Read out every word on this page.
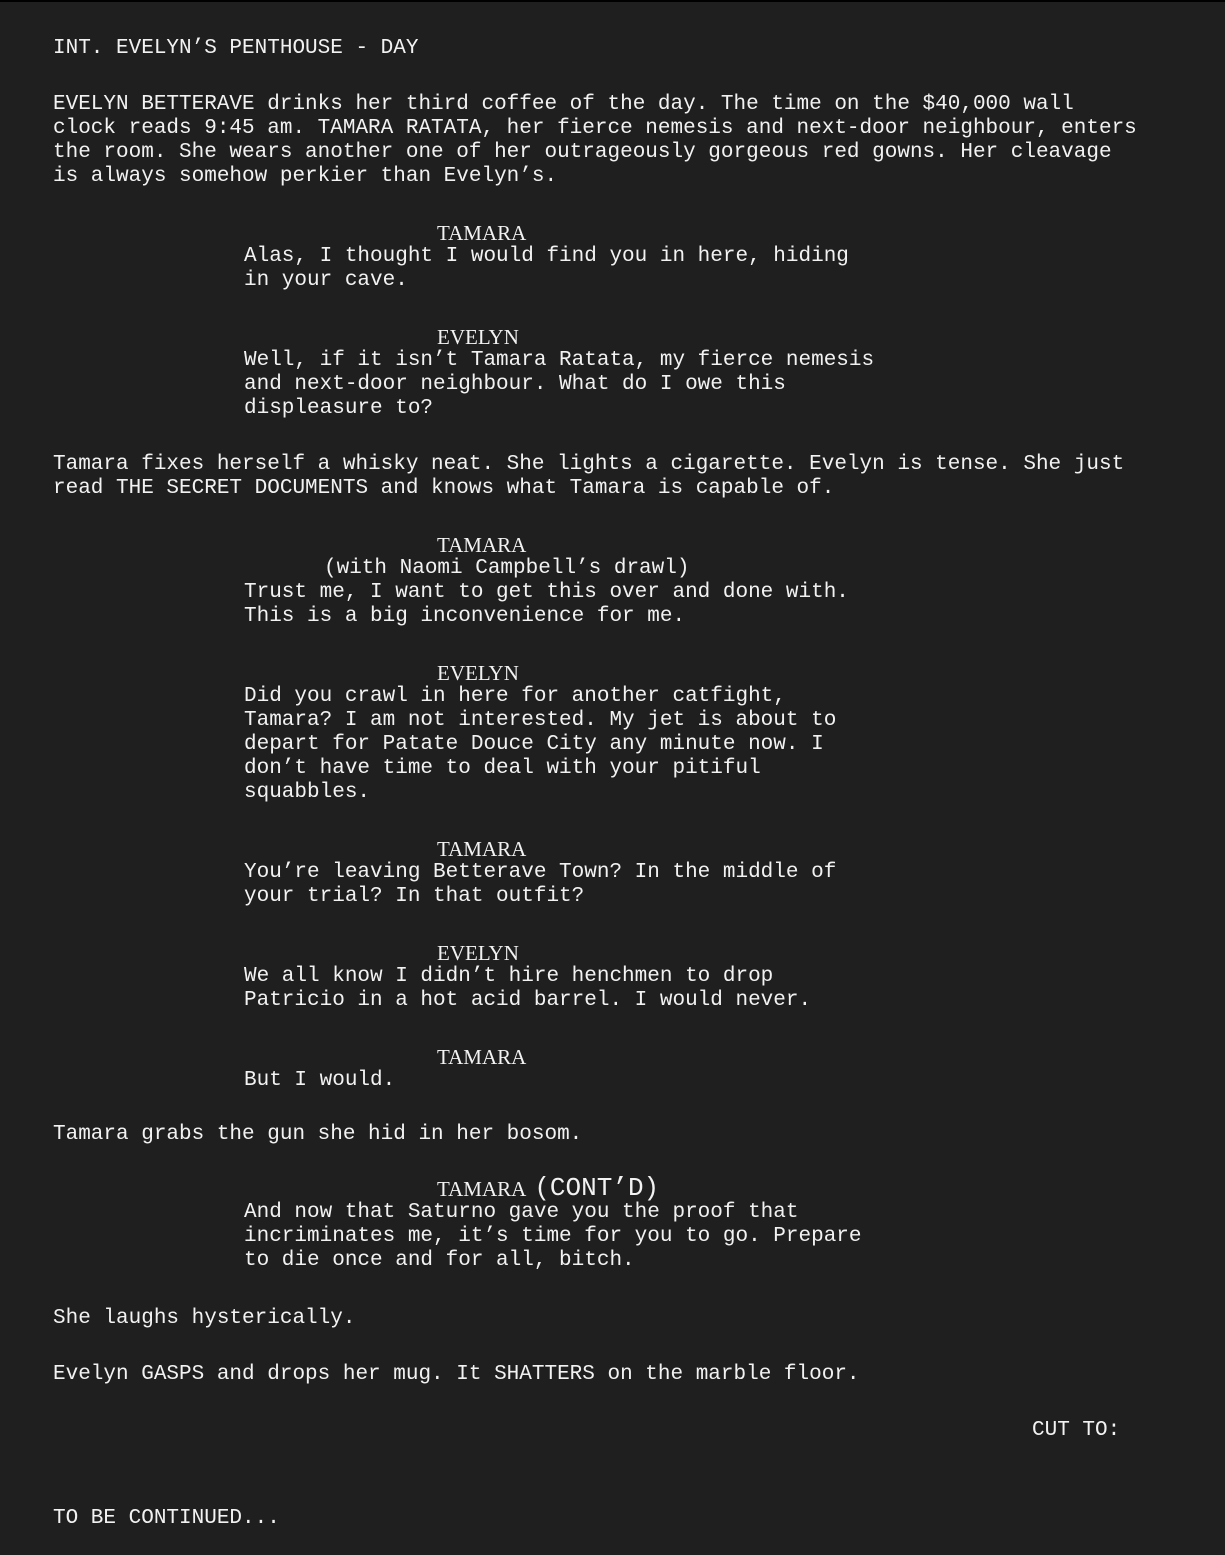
INT. EVELYN’S PENTHOUSE - DAY
EVELYN BETTERAVE drinks her third coffee of the day. The time on the $40,000 wall
clock reads 9:45 am. TAMARA RATATA, her fierce nemesis and next-door neighbour, enters
the room. She wears another one of her outrageously gorgeous red gowns. Her cleavage
is always somehow perkier than Evelyn’s.
TAMARA
Alas, I thought I would find you in here, hiding
in your cave.
EVELYN
Well, if it isn’t Tamara Ratata, my fierce nemesis
and next-door neighbour. What do I owe this
displeasure to?
Tamara fixes herself a whisky neat. She lights a cigarette. Evelyn is tense. She just
read THE SECRET DOCUMENTS and knows what Tamara is capable of.
TAMARA
(with Naomi Campbell’s drawl)
Trust me, I want to get this over and done with.
This is a big inconvenience for me.
EVELYN
Did you crawl in here for another catfight,
Tamara? I am not interested. My jet is about to
depart for Patate Douce City any minute now. I
don’t have time to deal with your pitiful
squabbles.
TAMARA
You’re leaving Betterave Town? In the middle of
your trial? In that outfit?
EVELYN
We all know I didn’t hire henchmen to drop
Patricio in a hot acid barrel. I would never.
TAMARA
But I would.
Tamara grabs the gun she hid in her bosom.
TAMARA (CONT’D)
And now that Saturno gave you the proof that
incriminates me, it’s time for you to go. Prepare
to die once and for all, bitch.
She laughs hysterically.
Evelyn GASPS and drops her mug. It SHATTERS on the marble floor.
CUT TO:
TO BE CONTINUED...
